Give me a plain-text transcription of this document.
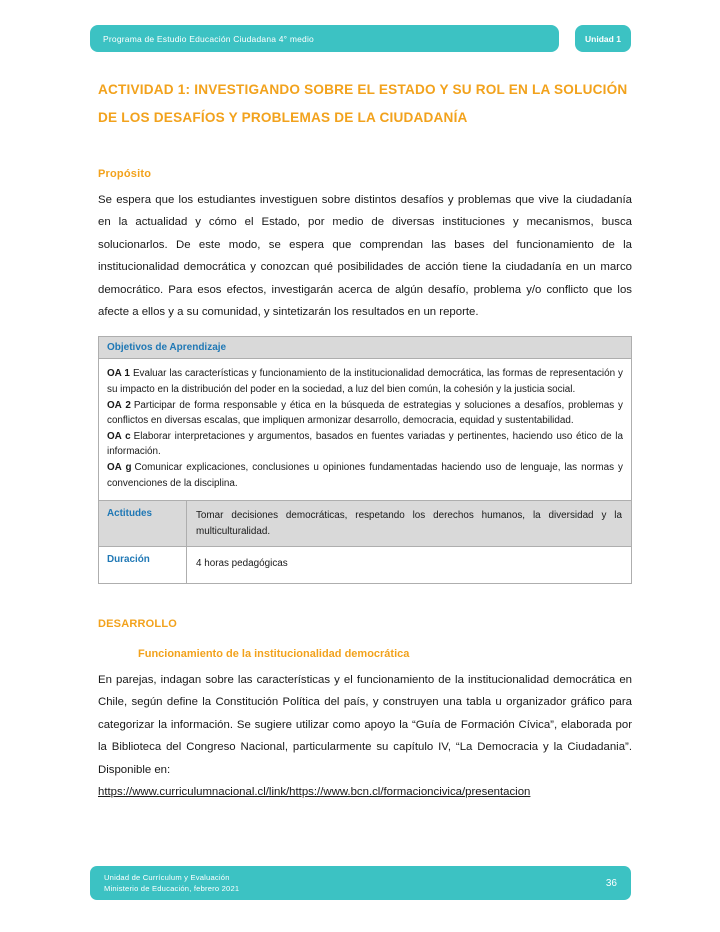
Programa de Estudio Educación Ciudadana 4° medio	Unidad 1
ACTIVIDAD 1: INVESTIGANDO SOBRE EL ESTADO Y SU ROL EN LA SOLUCIÓN DE LOS DESAFÍOS Y PROBLEMAS DE LA CIUDADANÍA
Propósito

Se espera que los estudiantes investiguen sobre distintos desafíos y problemas que vive la ciudadanía en la actualidad y cómo el Estado, por medio de diversas instituciones y mecanismos, busca solucionarlos. De este modo, se espera que comprendan las bases del funcionamiento de la institucionalidad democrática y conozcan qué posibilidades de acción tiene la ciudadanía en un marco democrático. Para esos efectos, investigarán acerca de algún desafío, problema y/o conflicto que los afecte a ellos y a su comunidad, y sintetizarán los resultados en un reporte.

Objetivos de Aprendizaje	

OA 1 Evaluar las características y funcionamiento de la institucionalidad democrática, las formas de representación y su impacto en la distribución del poder en la sociedad, a luz del bien común, la cohesión y la justicia social.

OA 2 Participar de forma responsable y ética en la búsqueda de estrategias y soluciones a desafíos, problemas y conflictos en diversas escalas, que impliquen armonizar desarrollo, democracia, equidad y sustentabilidad.

OA c Elaborar interpretaciones y argumentos, basados en fuentes variadas y pertinentes, haciendo uso ético de la información.

OA g Comunicar explicaciones, conclusiones u opiniones fundamentadas haciendo uso de lenguaje, las normas y convenciones de la disciplina.	

Actitudes	Tomar decisiones democráticas, respetando los derechos humanos, la diversidad y la multiculturalidad.
Duración	4 horas pedagógicas
DESARROLLO
Funcionamiento de la institucionalidad democrática

En parejas, indagan sobre las características y el funcionamiento de la institucionalidad democrática en Chile, según define la Constitución Política del país, y construyen una tabla u organizador gráfico para categorizar la información. Se sugiere utilizar como apoyo la “Guía de Formación Cívica”, elaborada por la Biblioteca del Congreso Nacional, particularmente su capítulo IV, “La Democracia y la Ciudadania”. Disponible en:

https://www.curriculumnacional.cl/link/https://www.bcn.cl/formacioncivica/presentacion
Unidad de Currículum y Evaluación
Ministerio de Educación, febrero 2021	36
